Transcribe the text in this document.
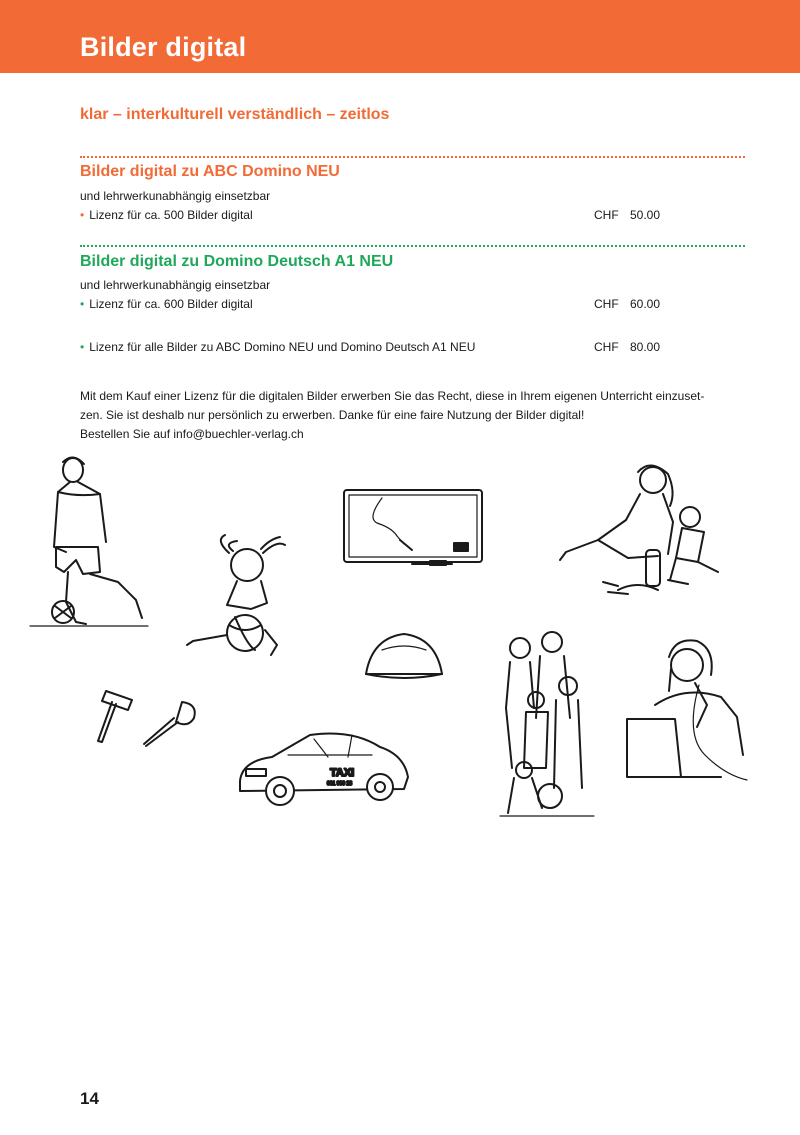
Bilder digital
klar – interkulturell verständlich – zeitlos
Bilder digital zu ABC Domino NEU
und lehrwerkunabhängig einsetzbar
• Lizenz für ca. 500 Bilder digital	CHF 50.00
Bilder digital zu Domino Deutsch A1 NEU
und lehrwerkunabhängig einsetzbar
• Lizenz für ca. 600 Bilder digital	CHF 60.00
• Lizenz für alle Bilder zu ABC Domino NEU und Domino Deutsch A1 NEU	CHF 80.00

Mit dem Kauf einer Lizenz für die digitalen Bilder erwerben Sie das Recht, diese in Ihrem eigenen Unterricht einzuset-

zen. Sie ist deshalb nur persönlich zu erwerben. Danke für eine faire Nutzung der Bilder digital!

Bestellen Sie auf info@buechler-verlag.ch

TAXI
031 999 23
14
